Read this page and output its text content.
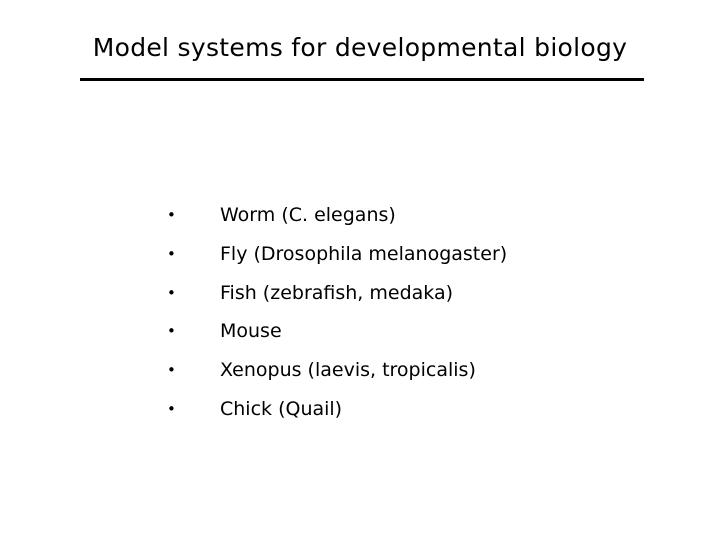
Model systems for developmental biology
•	Worm (C. elegans)
•	Fly (Drosophila melanogaster)
•	Fish (zebrafish, medaka)
•	Mouse
•	Xenopus (laevis, tropicalis)
•	Chick (Quail)
